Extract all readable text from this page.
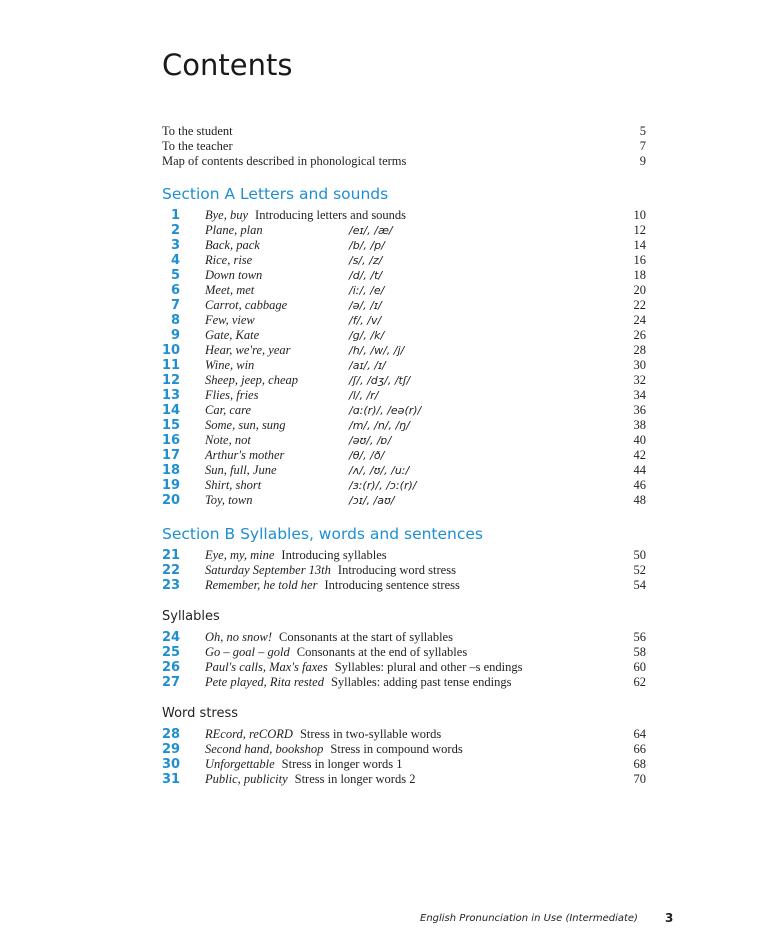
Contents
To the student	5
To the teacher	7
Map of contents described in phonological terms	9
Section A Letters and sounds
1 Bye, buy Introducing letters and sounds	10
2 Plane, plan	/eɪ/, /æ/	12
3 Back, pack	/b/, /p/	14
4 Rice, rise	/s/, /z/	16
5 Down town	/d/, /t/	18
6 Meet, met	/iː/, /e/	20
7 Carrot, cabbage	/ə/, /ɪ/	22
8 Few, view	/f/, /v/	24
9 Gate, Kate	/g/, /k/	26
10 Hear, we're, year	/h/, /w/, /j/	28
11 Wine, win	/aɪ/, /ɪ/	30
12 Sheep, jeep, cheap	/ʃ/, /dʒ/, /tʃ/	32
13 Flies, fries	/l/, /r/	34
14 Car, care	/ɑː(r)/, /eə(r)/	36
15 Some, sun, sung	/m/, /n/, /ŋ/	38
16 Note, not	/əʊ/, /ɒ/	40
17 Arthur's mother	/θ/, /ð/	42
18 Sun, full, June	/ʌ/, /ʊ/, /uː/	44
19 Shirt, short	/ɜː(r)/, /ɔː(r)/	46
20 Toy, town	/ɔɪ/, /aʊ/	48
Section B Syllables, words and sentences
21 Eye, my, mine Introducing syllables	50
22 Saturday September 13th Introducing word stress	52
23 Remember, he told her Introducing sentence stress	54
Syllables
24 Oh, no snow! Consonants at the start of syllables	56
25 Go – goal – gold Consonants at the end of syllables	58
26 Paul's calls, Max's faxes Syllables: plural and other –s endings	60
27 Pete played, Rita rested Syllables: adding past tense endings	62
Word stress
28 REcord, reCORD Stress in two-syllable words	64
29 Second hand, bookshop Stress in compound words	66
30 Unforgettable Stress in longer words 1	68
31 Public, publicity Stress in longer words 2	70
English Pronunciation in Use (Intermediate)	3
